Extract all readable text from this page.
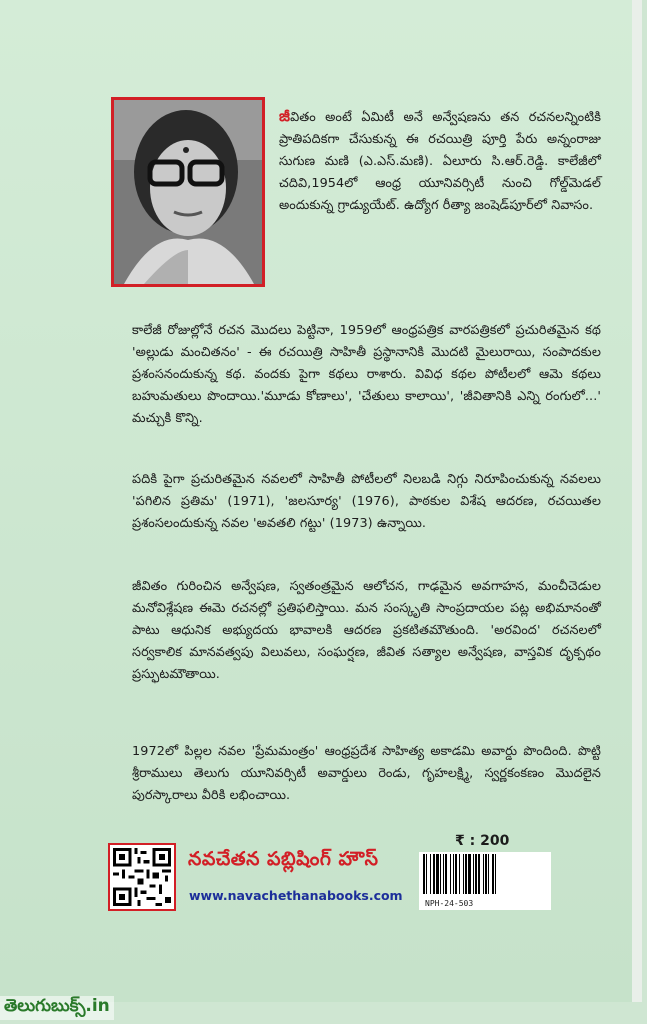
జీవితం అంటే ఏమిటీ అనే అన్వేషణను తన రచనలన్నింటికి ప్రాతిపదికగా చేసుకున్న ఈ రచయిత్రి పూర్తి పేరు అన్నంరాజు సుగుణ మణి (ఎ.ఎస్.మణి). ఏలూరు సి.ఆర్.రెడ్డి. కాలేజీలో చదివి,1954లో ఆంధ్ర యూనివర్సిటీ నుంచి గోల్డ్‌మెడల్ అందుకున్న గ్రాడ్యుయేట్. ఉద్యోగ రీత్యా జంషెడ్‌పూర్‌లో నివాసం.

కాలేజీ రోజుల్లోనే రచన మొదలు పెట్టినా, 1959లో ఆంధ్రపత్రిక వారపత్రికలో ప్రచురితమైన కథ 'అల్లుడు మంచితనం' - ఈ రచయిత్రి సాహితీ ప్రస్థానానికి మొదటి మైలురాయి, సంపాదకుల ప్రశంసనందుకున్న కథ. వందకు పైగా కథలు రాశారు. వివిధ కథల పోటీలలో ఆమె కథలు బహుమతులు పొందాయి.'మూడు కోణాలు', 'చేతులు కాలాయి', 'జీవితానికి ఎన్ని రంగులో...' మచ్చుకి కొన్ని.

పదికి పైగా ప్రచురితమైన నవలలో సాహితీ పోటీలలో నిలబడి నిగ్గు నిరూపించుకున్న నవలలు 'పగిలిన ప్రతిమ' (1971), 'జలసూర్య' (1976), పాఠకుల విశేష ఆదరణ, రచయితల ప్రశంసలందుకున్న నవల 'అవతలి గట్టు' (1973) ఉన్నాయి.

జీవితం గురించిన అన్వేషణ, స్వతంత్రమైన ఆలోచన, గాఢమైన అవగాహన, మంచీచెడుల మనోవిశ్లేషణ ఈమె రచనల్లో ప్రతిఫలిస్తాయి. మన సంస్కృతి సాంప్రదాయల పట్ల అభిమానంతో పాటు ఆధునిక అభ్యుదయ భావాలకి ఆదరణ ప్రకటితమౌతుంది. 'అరవింద' రచనలలో సర్వకాలిక మానవత్వపు విలువలు, సంఘర్షణ, జీవిత సత్యాల అన్వేషణ, వాస్తవిక దృక్పథం ప్రస్ఫుటమౌతాయి.

1972లో పిల్లల నవల 'ప్రేమమంత్రం' ఆంధ్రప్రదేశ సాహిత్య అకాడమి అవార్డు పొందింది. పొట్టి శ్రీరాములు తెలుగు యూనివర్సిటీ అవార్డులు రెండు, గృహలక్ష్మి, స్వర్ణకంకణం మొదలైన పురస్కారాలు వీరికి లభించాయి.

₹ : 200
నవచేతన పబ్లిషింగ్ హౌస్
www.navachethanabooks.com
NPH-24-503
తెలుగుబుక్స్.in
